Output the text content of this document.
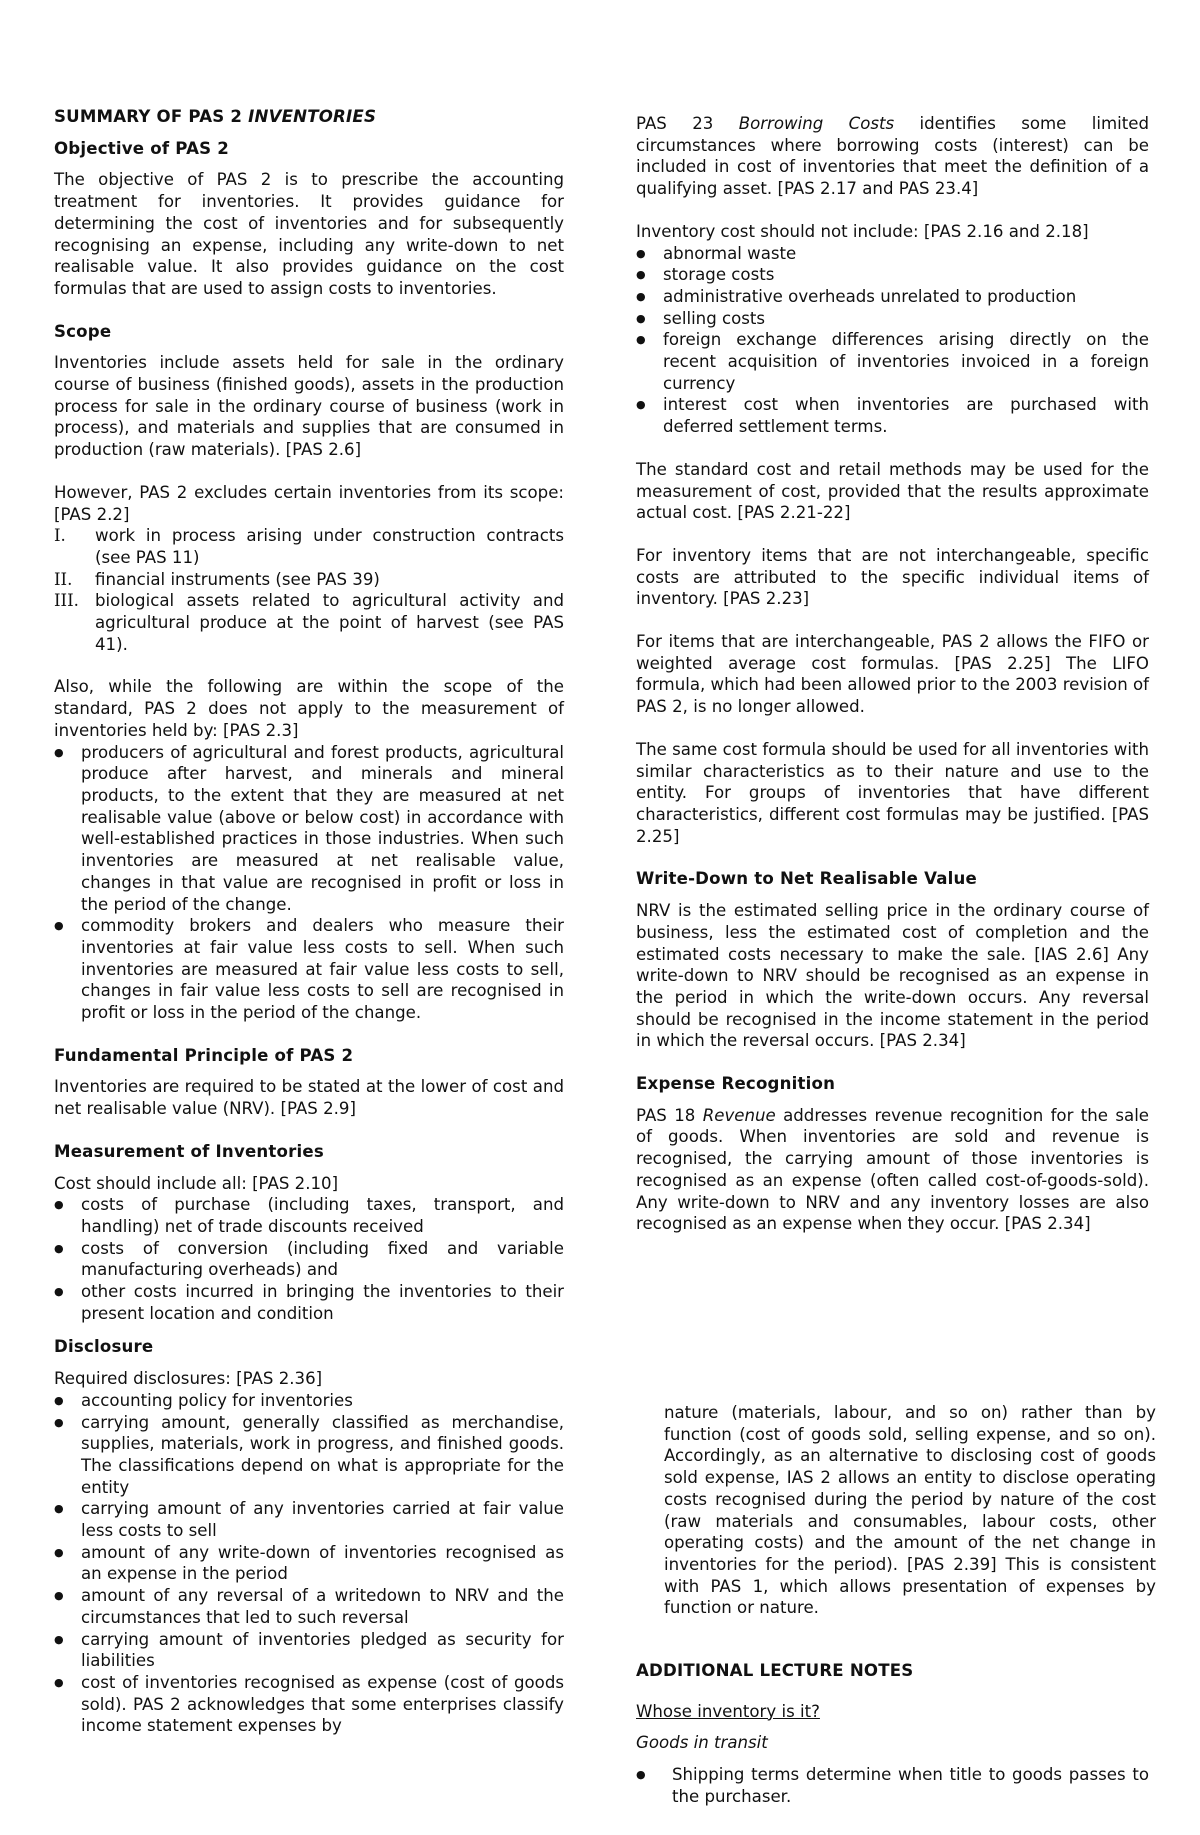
SUMMARY OF PAS 2 INVENTORIES
Objective of PAS 2

The objective of PAS 2 is to prescribe the accounting treatment for inventories. It provides guidance for determining the cost of inventories and for subsequently recognising an expense, including any write-down to net realisable value. It also provides guidance on the cost formulas that are used to assign costs to inventories.

Scope

Inventories include assets held for sale in the ordinary course of business (finished goods), assets in the production process for sale in the ordinary course of business (work in process), and materials and supplies that are consumed in production (raw materials). [PAS 2.6]

However, PAS 2 excludes certain inventories from its scope: [PAS 2.2]

I. work in process arising under construction contracts (see PAS 11)
II. financial instruments (see PAS 39)
III. biological assets related to agricultural activity and agricultural produce at the point of harvest (see PAS 41).

Also, while the following are within the scope of the standard, PAS 2 does not apply to the measurement of inventories held by: [PAS 2.3]

● producers of agricultural and forest products, agricultural produce after harvest, and minerals and mineral products, to the extent that they are measured at net realisable value (above or below cost) in accordance with well-established practices in those industries. When such inventories are measured at net realisable value, changes in that value are recognised in profit or loss in the period of the change.
● commodity brokers and dealers who measure their inventories at fair value less costs to sell. When such inventories are measured at fair value less costs to sell, changes in fair value less costs to sell are recognised in profit or loss in the period of the change.
Fundamental Principle of PAS 2

Inventories are required to be stated at the lower of cost and net realisable value (NRV). [PAS 2.9]

Measurement of Inventories

Cost should include all: [PAS 2.10]

● costs of purchase (including taxes, transport, and handling) net of trade discounts received
● costs of conversion (including fixed and variable manufacturing overheads) and
● other costs incurred in bringing the inventories to their present location and condition
Disclosure

Required disclosures: [PAS 2.36]

● accounting policy for inventories
● carrying amount, generally classified as merchandise, supplies, materials, work in progress, and finished goods. The classifications depend on what is appropriate for the entity
● carrying amount of any inventories carried at fair value less costs to sell
● amount of any write-down of inventories recognised as an expense in the period
● amount of any reversal of a writedown to NRV and the circumstances that led to such reversal
● carrying amount of inventories pledged as security for liabilities
● cost of inventories recognised as expense (cost of goods sold). PAS 2 acknowledges that some enterprises classify income statement expenses by

PAS 23 Borrowing Costs identifies some limited circumstances where borrowing costs (interest) can be included in cost of inventories that meet the definition of a qualifying asset. [PAS 2.17 and PAS 23.4]

Inventory cost should not include: [PAS 2.16 and 2.18]

● abnormal waste
● storage costs
● administrative overheads unrelated to production
● selling costs
● foreign exchange differences arising directly on the recent acquisition of inventories invoiced in a foreign currency
● interest cost when inventories are purchased with deferred settlement terms.

The standard cost and retail methods may be used for the measurement of cost, provided that the results approximate actual cost. [PAS 2.21-22]

For inventory items that are not interchangeable, specific costs are attributed to the specific individual items of inventory. [PAS 2.23]

For items that are interchangeable, PAS 2 allows the FIFO or weighted average cost formulas. [PAS 2.25] The LIFO formula, which had been allowed prior to the 2003 revision of PAS 2, is no longer allowed.

The same cost formula should be used for all inventories with similar characteristics as to their nature and use to the entity. For groups of inventories that have different characteristics, different cost formulas may be justified. [PAS 2.25]

Write-Down to Net Realisable Value

NRV is the estimated selling price in the ordinary course of business, less the estimated cost of completion and the estimated costs necessary to make the sale. [IAS 2.6] Any write-down to NRV should be recognised as an expense in the period in which the write-down occurs. Any reversal should be recognised in the income statement in the period in which the reversal occurs. [PAS 2.34]

Expense Recognition

PAS 18 Revenue addresses revenue recognition for the sale of goods. When inventories are sold and revenue is recognised, the carrying amount of those inventories is recognised as an expense (often called cost-of-goods-sold). Any write-down to NRV and any inventory losses are also recognised as an expense when they occur. [PAS 2.34]

nature (materials, labour, and so on) rather than by function (cost of goods sold, selling expense, and so on). Accordingly, as an alternative to disclosing cost of goods sold expense, IAS 2 allows an entity to disclose operating costs recognised during the period by nature of the cost (raw materials and consumables, labour costs, other operating costs) and the amount of the net change in inventories for the period). [PAS 2.39] This is consistent with PAS 1, which allows presentation of expenses by function or nature.

ADDITIONAL LECTURE NOTES

Whose inventory is it?

Goods in transit

● Shipping terms determine when title to goods passes to the purchaser.
